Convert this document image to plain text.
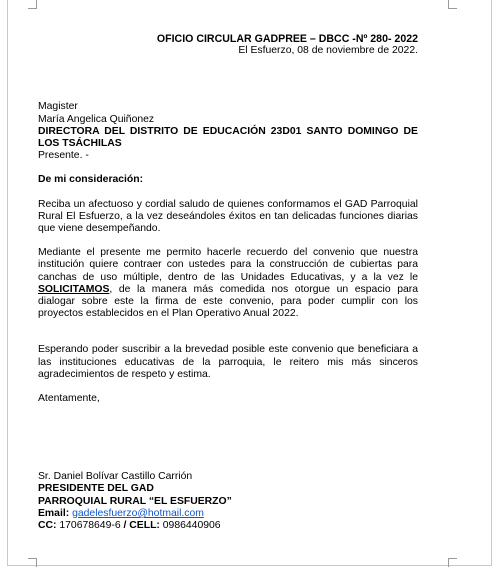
OFICIO CIRCULAR GADPREE – DBCC -Nº 280- 2022

El Esfuerzo, 08 de noviembre de 2022.

Magister

María Angelica Quiñonez

DIRECTORA DEL DISTRITO DE EDUCACIÓN 23D01 SANTO DOMINGO DE LOS TSÁCHILAS

Presente. -

De mi consideración:

Reciba un afectuoso y cordial saludo de quienes conformamos el GAD Parroquial Rural El Esfuerzo, a la vez deseándoles éxitos en tan delicadas funciones diarias que viene desempeñando.

Mediante el presente me permito hacerle recuerdo del convenio que nuestra institución quiere contraer con ustedes para la construcción de cubiertas para canchas de uso múltiple, dentro de las Unidades Educativas, y a la vez le SOLICITAMOS, de la manera más comedida nos otorgue un espacio para dialogar sobre este la firma de este convenio, para poder cumplir con los proyectos establecidos en el Plan Operativo Anual 2022.

Esperando poder suscribir a la brevedad posible este convenio que beneficiara a las instituciones educativas de la parroquia, le reitero mis más sinceros agradecimientos de respeto y estima.

Atentamente,

Sr. Daniel Bolívar Castillo Carrión

PRESIDENTE DEL GAD

PARROQUIAL RURAL “EL ESFUERZO”

Email: gadelesfuerzo@hotmail.com

CC: 170678649-6 / CELL: 0986440906
